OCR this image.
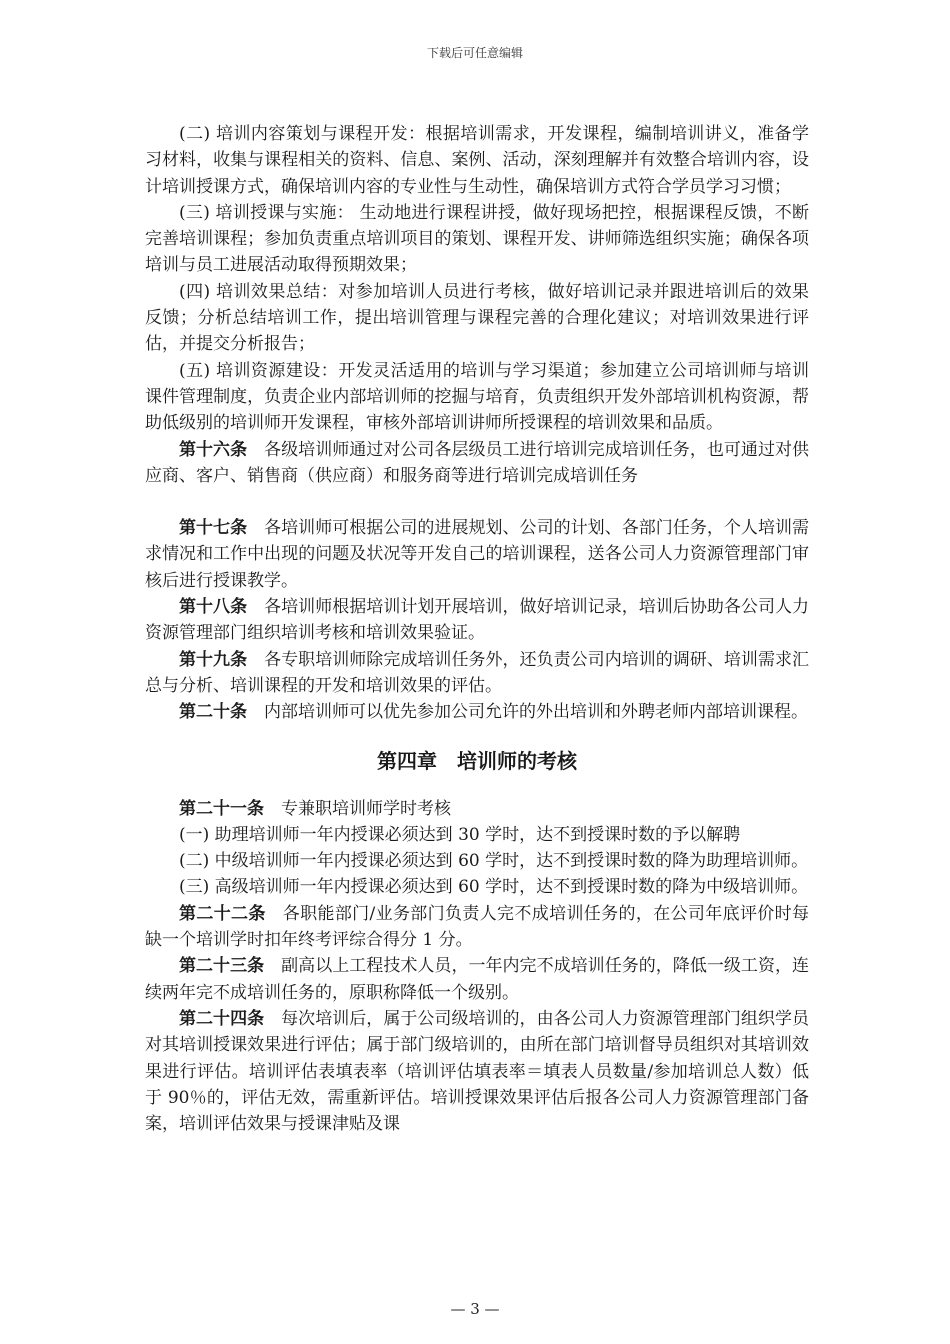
下载后可任意编辑

(二) 培训内容策划与课程开发：根据培训需求，开发课程，编制培训讲义，准备学习材料，收集与课程相关的资料、信息、案例、活动，深刻理解并有效整合培训内容，设计培训授课方式，确保培训内容的专业性与生动性，确保培训方式符合学员学习习惯；

(三) 培训授课与实施： 生动地进行课程讲授，做好现场把控，根据课程反馈，不断完善培训课程；参加负责重点培训项目的策划、课程开发、讲师筛选组织实施；确保各项培训与员工进展活动取得预期效果；

(四) 培训效果总结：对参加培训人员进行考核，做好培训记录并跟进培训后的效果反馈；分析总结培训工作，提出培训管理与课程完善的合理化建议；对培训效果进行评估，并提交分析报告；

(五) 培训资源建设：开发灵活适用的培训与学习渠道；参加建立公司培训师与培训课件管理制度，负责企业内部培训师的挖掘与培育，负责组织开发外部培训机构资源，帮助低级别的培训师开发课程，审核外部培训讲师所授课程的培训效果和品质。

第十六条 各级培训师通过对公司各层级员工进行培训完成培训任务，也可通过对供应商、客户、销售商（供应商）和服务商等进行培训完成培训任务

第十七条 各培训师可根据公司的进展规划、公司的计划、各部门任务，个人培训需求情况和工作中出现的问题及状况等开发自己的培训课程，送各公司人力资源管理部门审核后进行授课教学。

第十八条 各培训师根据培训计划开展培训，做好培训记录，培训后协助各公司人力资源管理部门组织培训考核和培训效果验证。

第十九条 各专职培训师除完成培训任务外，还负责公司内培训的调研、培训需求汇总与分析、培训课程的开发和培训效果的评估。

第二十条 内部培训师可以优先参加公司允许的外出培训和外聘老师内部培训课程。

第四章 培训师的考核

第二十一条 专兼职培训师学时考核

(一) 助理培训师一年内授课必须达到 30 学时，达不到授课时数的予以解聘

(二) 中级培训师一年内授课必须达到 60 学时，达不到授课时数的降为助理培训师。

(三) 高级培训师一年内授课必须达到 60 学时，达不到授课时数的降为中级培训师。

第二十二条 各职能部门/业务部门负责人完不成培训任务的，在公司年底评价时每缺一个培训学时扣年终考评综合得分 1 分。

第二十三条 副高以上工程技术人员，一年内完不成培训任务的，降低一级工资，连续两年完不成培训任务的，原职称降低一个级别。

第二十四条 每次培训后，属于公司级培训的，由各公司人力资源管理部门组织学员对其培训授课效果进行评估；属于部门级培训的，由所在部门培训督导员组织对其培训效果进行评估。培训评估表填表率（培训评估填表率＝填表人员数量/参加培训总人数）低于 90％的，评估无效，需重新评估。培训授课效果评估后报各公司人力资源管理部门备案，培训评估效果与授课津贴及课

— 3 —
